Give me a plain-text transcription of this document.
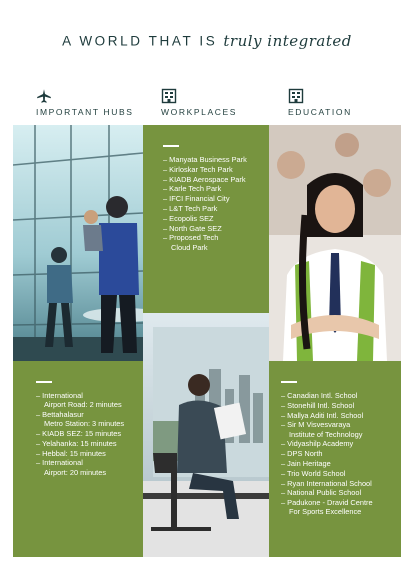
A WORLD THAT IS truly integrated
IMPORTANT HUBS	WORKPLACES	EDUCATION
– Manyata Business Park
– Kirloskar Tech Park
– KIADB Aerospace Park
– Karle Tech Park
– IFCI Financial City
– L&T Tech Park
– Ecopolis SEZ
– North Gate SEZ
– Proposed Tech
Cloud Park
– International
Airport Road: 2 minutes
– Bettahalasur
Metro Station: 3 minutes
– KIADB SEZ: 15 minutes
– Yelahanka: 15 minutes
– Hebbal: 15 minutes
– International
Airport: 20 minutes
– Canadian Intl. School
– Stonehill Intl. School
– Mallya Aditi Intl. School
– Sir M Visvesvaraya
Institute of Technology
– Vidyashilp Academy
– DPS North
– Jain Heritage
– Trio World School
– Ryan International School
– National Public School
– Padukone - Dravid Centre
For Sports Excellence
